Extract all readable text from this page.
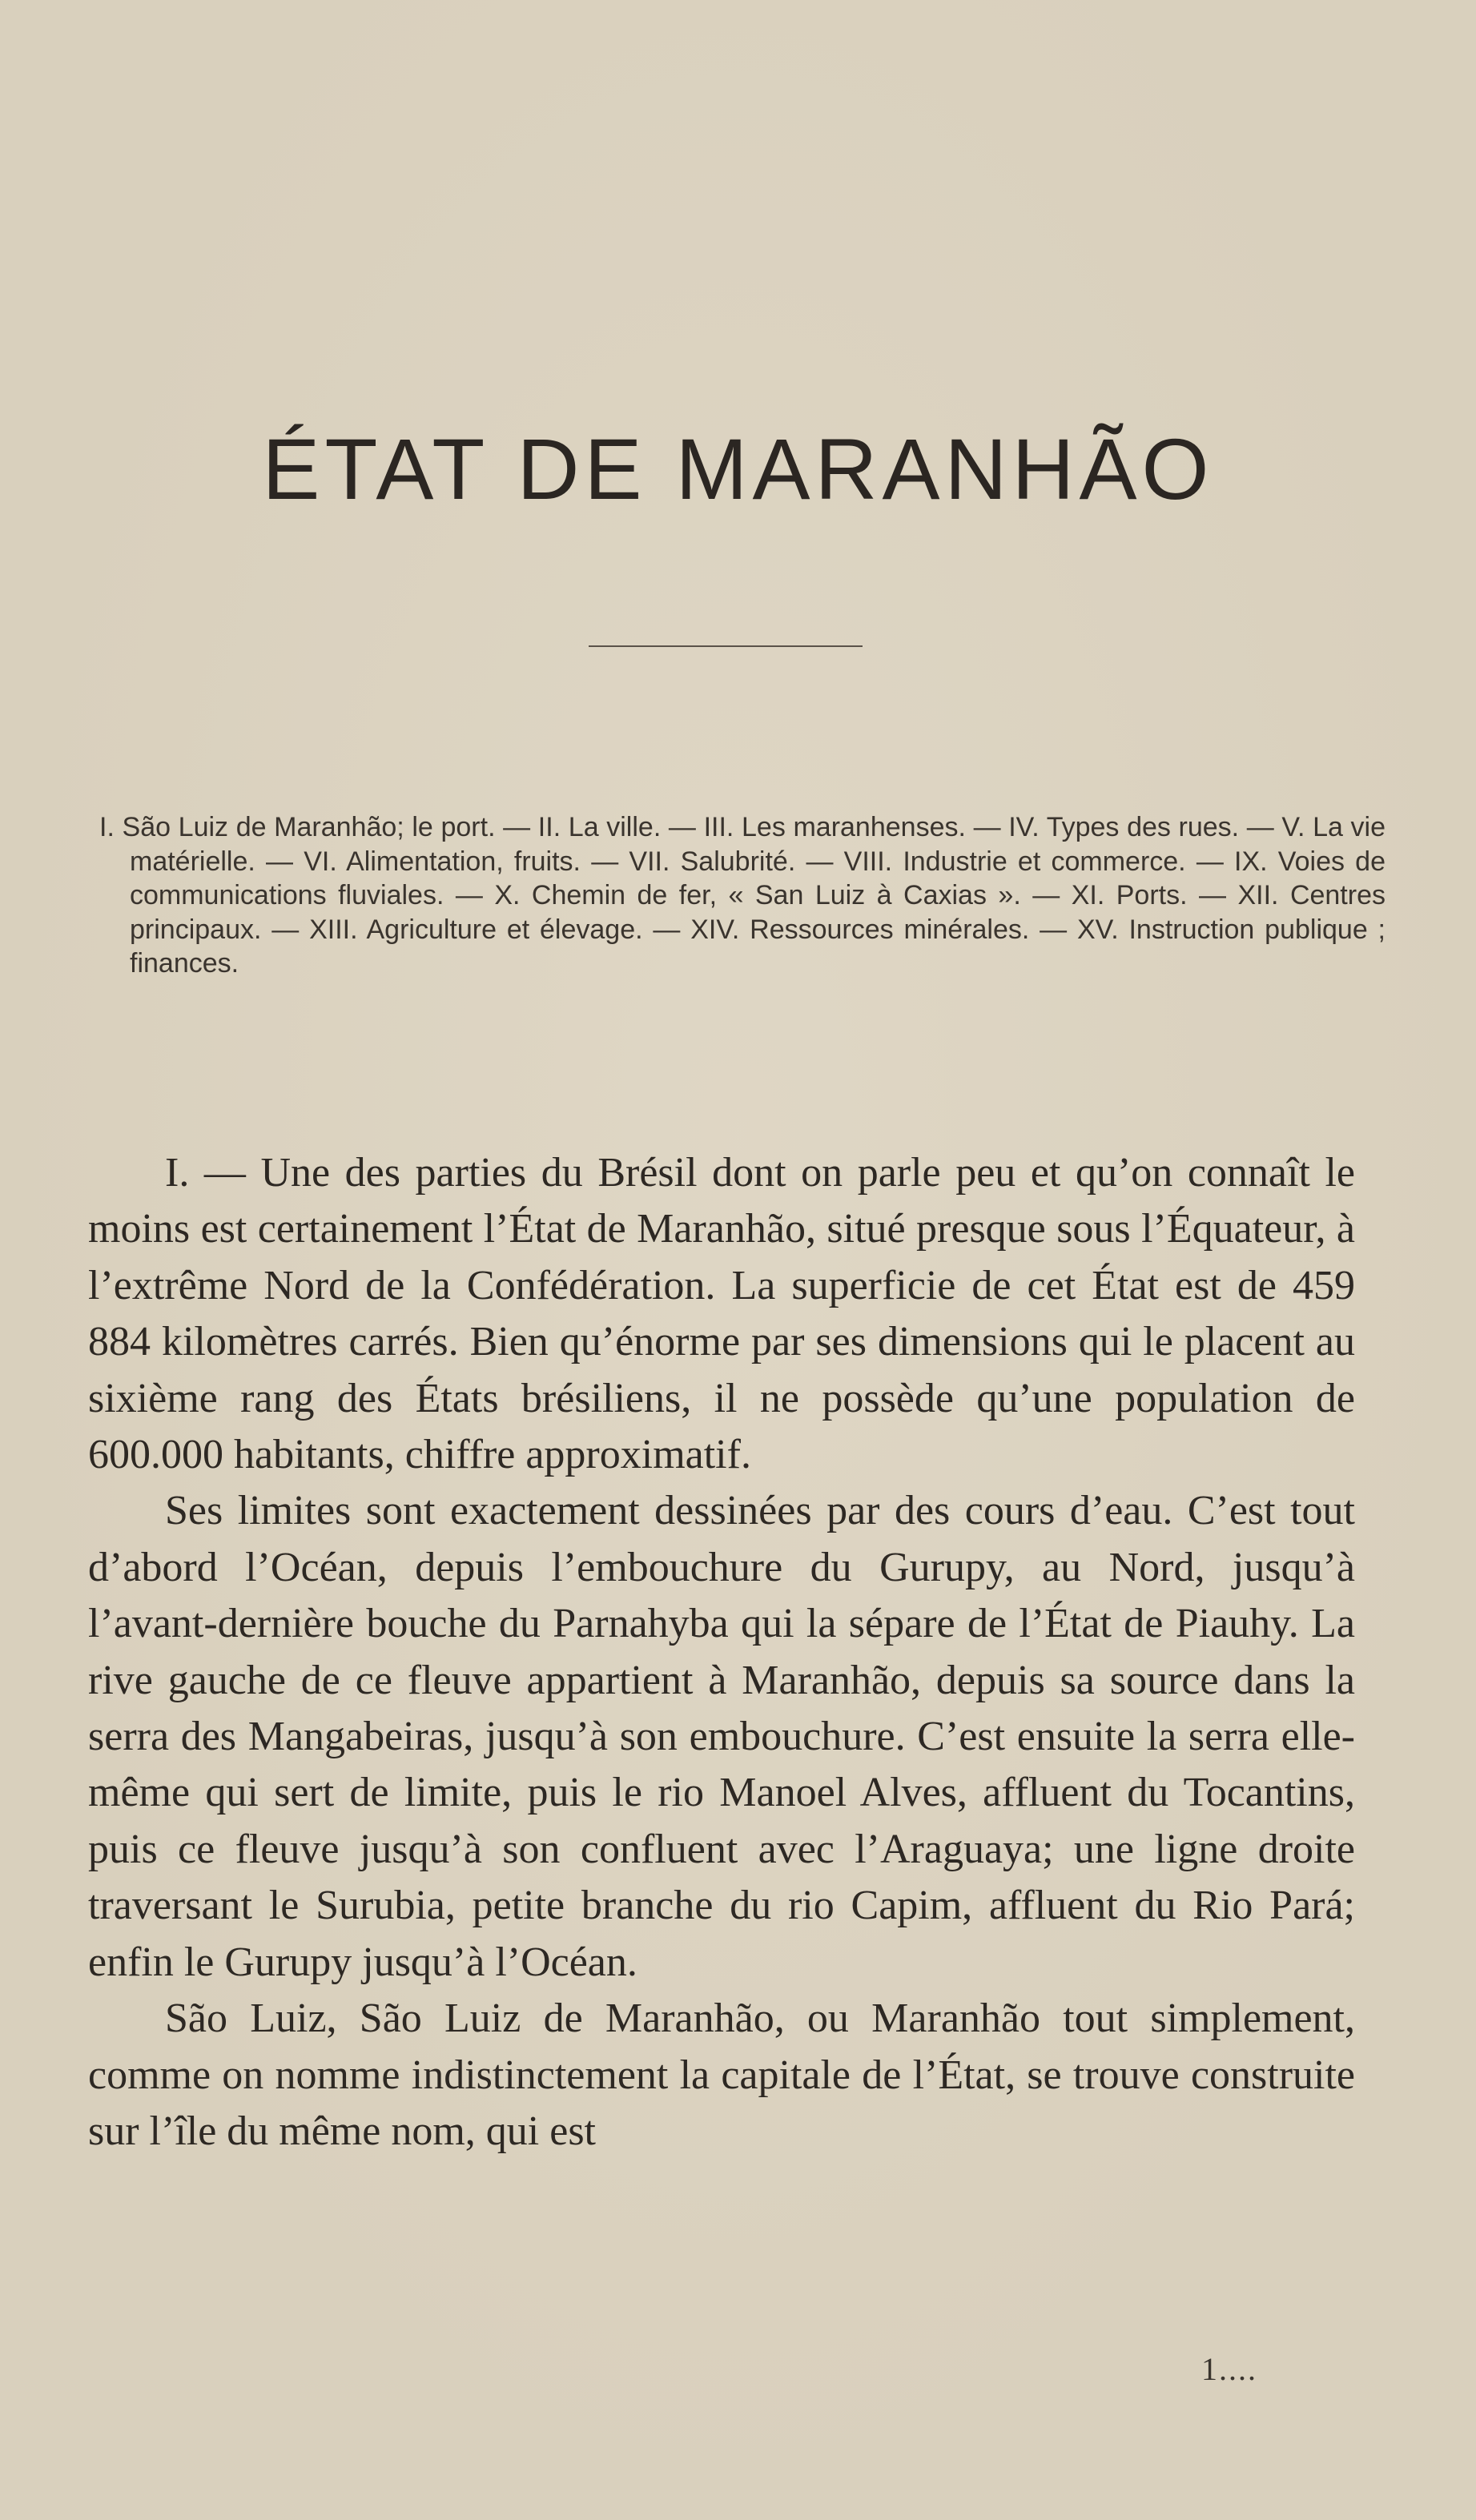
ÉTAT DE MARANHÃO

I. São Luiz de Maranhão; le port. — II. La ville. — III. Les maranhenses. — IV. Types des rues. — V. La vie matérielle. — VI. Alimentation, fruits. — VII. Salubrité. — VIII. Industrie et commerce. — IX. Voies de communications fluviales. — X. Chemin de fer, « San Luiz à Caxias ». — XI. Ports. — XII. Centres principaux. — XIII. Agriculture et élevage. — XIV. Ressources minérales. — XV. Instruction publique ; finances.

I. — Une des parties du Brésil dont on parle peu et qu’on connaît le moins est certainement l’État de Maranhão, situé presque sous l’Équateur, à l’extrême Nord de la Confédération. La superficie de cet État est de 459 884 kilomètres carrés. Bien qu’énorme par ses dimensions qui le placent au sixième rang des États brésiliens, il ne possède qu’une population de 600.000 habitants, chiffre approximatif.

Ses limites sont exactement dessinées par des cours d’eau. C’est tout d’abord l’Océan, depuis l’embouchure du Gurupy, au Nord, jusqu’à l’avant-dernière bouche du Parnahyba qui la sépare de l’État de Piauhy. La rive gauche de ce fleuve appartient à Maranhão, depuis sa source dans la serra des Mangabeiras, jusqu’à son embouchure. C’est ensuite la serra elle-même qui sert de limite, puis le rio Manoel Alves, affluent du Tocantins, puis ce fleuve jusqu’à son confluent avec l’Araguaya; une ligne droite traversant le Surubia, petite branche du rio Capim, affluent du Rio Pará; enfin le Gurupy jusqu’à l’Océan.

São Luiz, São Luiz de Maranhão, ou Maranhão tout simplement, comme on nomme indistinctement la capitale de l’État, se trouve construite sur l’île du même nom, qui est

1....
